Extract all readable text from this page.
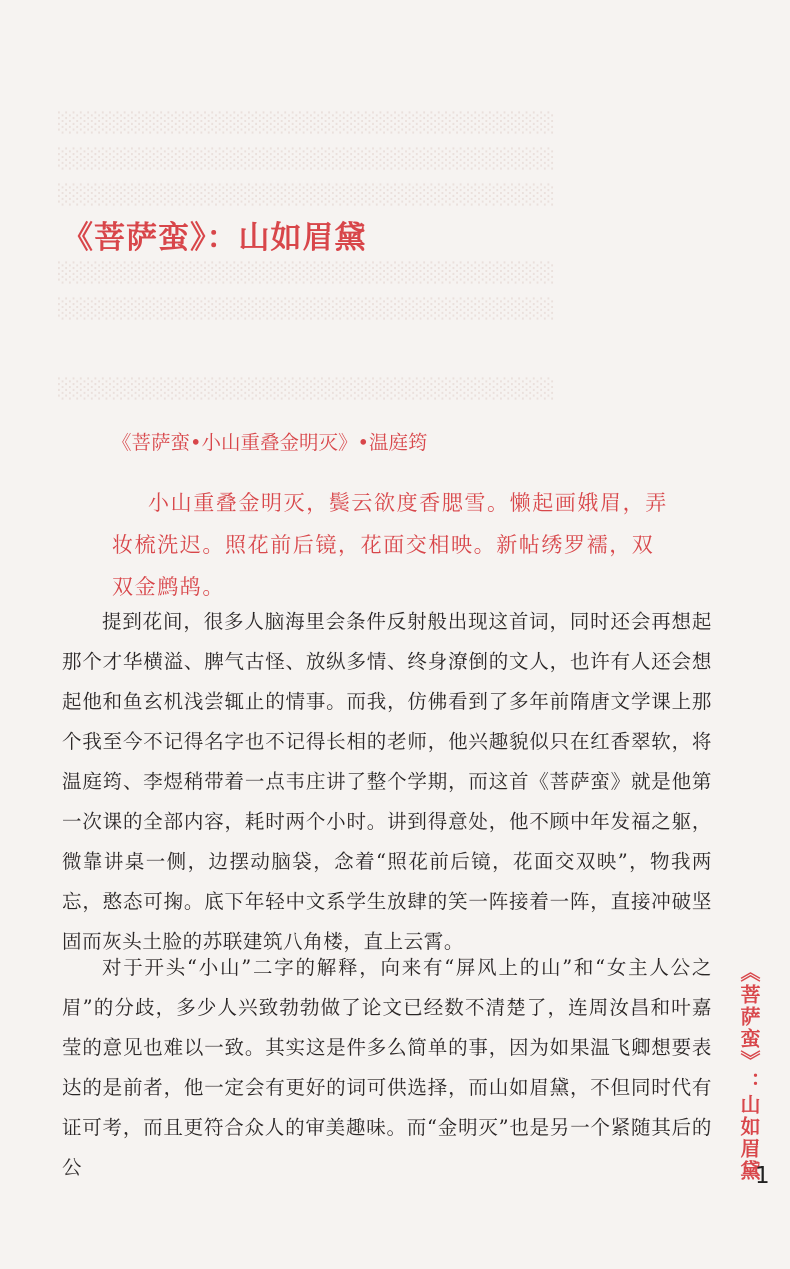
░░░░░░░░░░░░░░░░░░░░░░░░░░░░░░░░░░
░░░░░░░░░░░░░░░░░░░░░░░░░░░░░░░░░░
░░░░░░░░░░░░░░░░░░░░░░░░░░░░░░░░░░
░░░░░░░░░░░░░░░░░░░░░░░░░░░░░░░░░░
░░░░░░░░░░░░░░░░░░░░░░░░░░░░░░░░░░
░░░░░░░░░░░░░░░░░░░░░░░░░░░░░░░░░░
《菩萨蛮》：山如眉黛
《菩萨蛮•小山重叠金明灭》•温庭筠
小山重叠金明灭，鬓云欲度香腮雪。懒起画娥眉，弄妆梳洗迟。照花前后镜，花面交相映。新帖绣罗襦，双双金鹧鸪。

提到花间，很多人脑海里会条件反射般出现这首词，同时还会再想起那个才华横溢、脾气古怪、放纵多情、终身潦倒的文人，也许有人还会想起他和鱼玄机浅尝辄止的情事。而我，仿佛看到了多年前隋唐文学课上那个我至今不记得名字也不记得长相的老师，他兴趣貌似只在红香翠软，将温庭筠、李煜稍带着一点韦庄讲了整个学期，而这首《菩萨蛮》就是他第一次课的全部内容，耗时两个小时。讲到得意处，他不顾中年发福之躯，微靠讲桌一侧，边摆动脑袋，念着“照花前后镜，花面交双映”，物我两忘，憨态可掬。底下年轻中文系学生放肆的笑一阵接着一阵，直接冲破坚固而灰头土脸的苏联建筑八角楼，直上云霄。

对于开头“小山”二字的解释，向来有“屏风上的山”和“女主人公之眉”的分歧，多少人兴致勃勃做了论文已经数不清楚了，连周汝昌和叶嘉莹的意见也难以一致。其实这是件多么简单的事，因为如果温飞卿想要表达的是前者，他一定会有更好的词可供选择，而山如眉黛，不但同时代有证可考，而且更符合众人的审美趣味。而“金明灭”也是另一个紧随其后的公	《菩萨蛮》：山如眉黛
1
